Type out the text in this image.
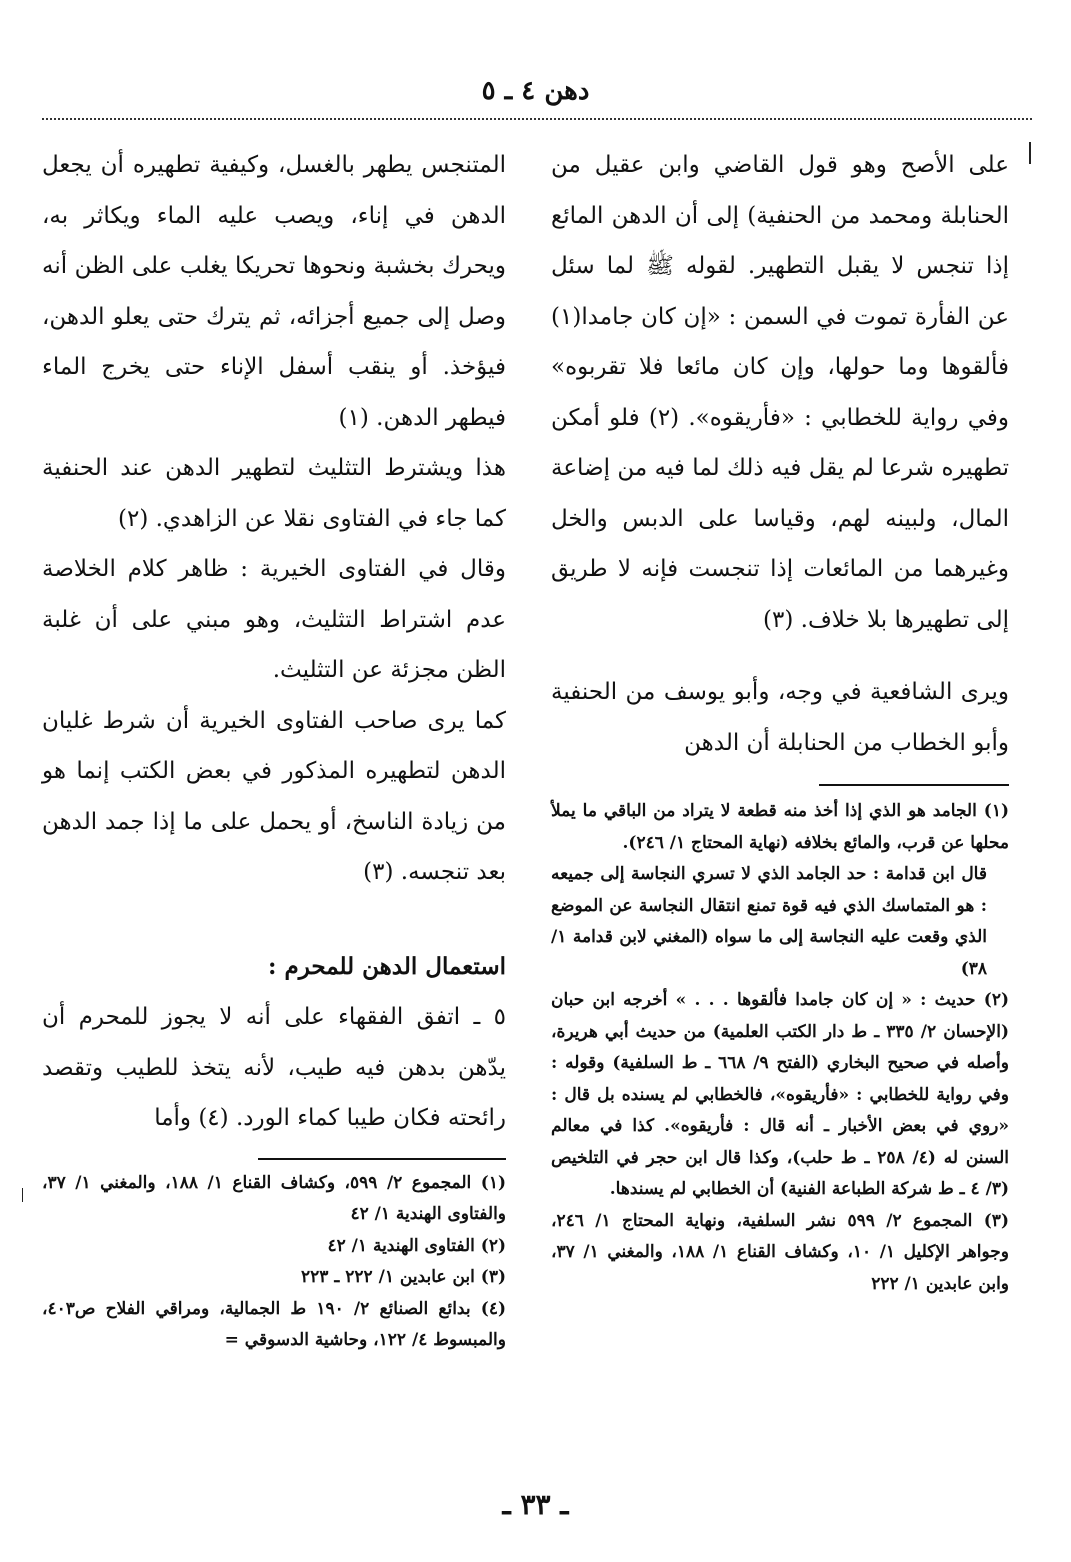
دهن ٤ ـ ٥

على الأصح وهو قول القاضي وابن عقيل من الحنابلة ومحمد من الحنفية) إلى أن الدهن المائع إذا تنجس لا يقبل التطهير. لقوله ﷺ لما سئل عن الفأرة تموت في السمن : «إن كان جامدا(١) فألقوها وما حولها، وإن كان مائعا فلا تقربوه» وفي رواية للخطابي : «فأريقوه». (٢) فلو أمكن تطهيره شرعا لم يقل فيه ذلك لما فيه من إضاعة المال، ولبينه لهم، وقياسا على الدبس والخل وغيرهما من المائعات إذا تنجست فإنه لا طريق إلى تطهيرها بلا خلاف. (٣)

ويرى الشافعية في وجه، وأبو يوسف من الحنفية وأبو الخطاب من الحنابلة أن الدهن

(١) الجامد هو الذي إذا أخذ منه قطعة لا يتراد من الباقي ما يملأ محلها عن قرب، والمائع بخلافه (نهاية المحتاج ١/ ٢٤٦).

قال ابن قدامة : حد الجامد الذي لا تسري النجاسة إلى جميعه : هو المتماسك الذي فيه قوة تمنع انتقال النجاسة عن الموضع الذي وقعت عليه النجاسة إلى ما سواه (المغني لابن قدامة ١/ ٣٨)

(٢) حديث : « إن كان جامدا فألقوها . . . » أخرجه ابن حبان (الإحسان ٢/ ٣٣٥ ـ ط دار الكتب العلمية) من حديث أبي هريرة، وأصله في صحيح البخاري (الفتح ٩/ ٦٦٨ ـ ط السلفية) وقوله : وفي رواية للخطابي : «فأريقوه»، فالخطابي لم يسنده بل قال : «روي في بعض الأخبار ـ أنه قال : فأريقوه». كذا في معالم السنن له (٤/ ٢٥٨ ـ ط حلب)، وكذا قال ابن حجر في التلخيص (٣/ ٤ ـ ط شركة الطباعة الفنية) أن الخطابي لم يسندها.

(٣) المجموع ٢/ ٥٩٩ نشر السلفية، ونهاية المحتاج ١/ ٢٤٦، وجواهر الإكليل ١/ ١٠، وكشاف القناع ١/ ١٨٨، والمغني ١/ ٣٧، وابن عابدين ١/ ٢٢٢

المتنجس يطهر بالغسل، وكيفية تطهيره أن يجعل الدهن في إناء، ويصب عليه الماء ويكاثر به، ويحرك بخشبة ونحوها تحريكا يغلب على الظن أنه وصل إلى جميع أجزائه، ثم يترك حتى يعلو الدهن، فيؤخذ. أو ينقب أسفل الإناء حتى يخرج الماء فيطهر الدهن. (١)

هذا ويشترط التثليث لتطهير الدهن عند الحنفية كما جاء في الفتاوى نقلا عن الزاهدي. (٢)

وقال في الفتاوى الخيرية : ظاهر كلام الخلاصة عدم اشتراط التثليث، وهو مبني على أن غلبة الظن مجزئة عن التثليث.

كما يرى صاحب الفتاوى الخيرية أن شرط غليان الدهن لتطهيره المذكور في بعض الكتب إنما هو من زيادة الناسخ، أو يحمل على ما إذا جمد الدهن بعد تنجسه. (٣)

استعمال الدهن للمحرم :

٥ ـ اتفق الفقهاء على أنه لا يجوز للمحرم أن يدّهن بدهن فيه طيب، لأنه يتخذ للطيب وتقصد رائحته فكان طيبا كماء الورد. (٤) وأما

(١) المجموع ٢/ ٥٩٩، وكشاف القناع ١/ ١٨٨، والمغني ١/ ٣٧، والفتاوى الهندية ١/ ٤٢

(٢) الفتاوى الهندية ١/ ٤٢

(٣) ابن عابدين ١/ ٢٢٢ ـ ٢٢٣

(٤) بدائع الصنائع ٢/ ١٩٠ ط الجمالية، ومراقي الفلاح ص٤٠٣، والمبسوط ٤/ ١٢٢، وحاشية الدسوقي =

ـ ٣٣ ـ
